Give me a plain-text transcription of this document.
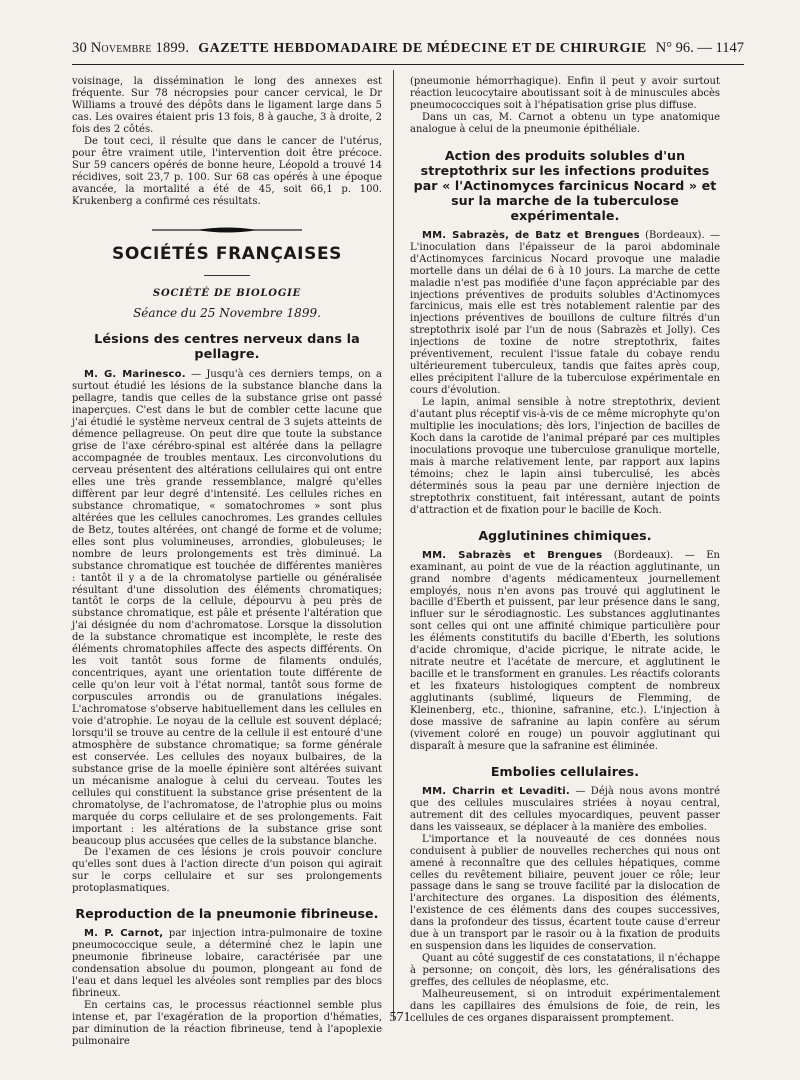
30 Novembre 1899. GAZETTE HEBDOMADAIRE DE MÉDECINE ET DE CHIRURGIE N° 96. — 1147

voisinage, la dissémination le long des annexes est fréquente. Sur 78 nécropsies pour cancer cervical, le Dr Williams a trouvé des dépôts dans le ligament large dans 5 cas. Les ovaires étaient pris 13 fois, 8 à gauche, 3 à droite, 2 fois des 2 côtés.

De tout ceci, il résulte que dans le cancer de l'utérus, pour être vraiment utile, l'intervention doit être précoce. Sur 59 cancers opérés de bonne heure, Léopold a trouvé 14 récidives, soit 23,7 p. 100. Sur 68 cas opérés à une époque avancée, la mortalité a été de 45, soit 66,1 p. 100. Krukenberg a confirmé ces résultats.

SOCIÉTÉS FRANÇAISES
SOCIÉTÉ DE BIOLOGIE
Séance du 25 Novembre 1899.
Lésions des centres nerveux dans la pellagre.

M. G. Marinesco. — Jusqu'à ces derniers temps, on a surtout étudié les lésions de la substance blanche dans la pellagre, tandis que celles de la substance grise ont passé inaperçues. C'est dans le but de combler cette lacune que j'ai étudié le système nerveux central de 3 sujets atteints de démence pellagreuse. On peut dire que toute la substance grise de l'axe cérébro-spinal est altérée dans la pellagre accompagnée de troubles mentaux. Les circonvolutions du cerveau présentent des altérations cellulaires qui ont entre elles une très grande ressemblance, malgré qu'elles diffèrent par leur degré d'intensité. Les cellules riches en substance chromatique, « somatochromes » sont plus altérées que les cellules canochromes. Les grandes cellules de Betz, toutes altérées, ont changé de forme et de volume; elles sont plus volumineuses, arrondies, globuleuses; le nombre de leurs prolongements est très diminué. La substance chromatique est touchée de différentes manières : tantôt il y a de la chromatolyse partielle ou généralisée résultant d'une dissolution des éléments chromatiques; tantôt le corps de la cellule, dépourvu à peu près de substance chromatique, est pâle et présente l'altération que j'ai désignée du nom d'achromatose. Lorsque la dissolution de la substance chromatique est incomplète, le reste des éléments chromatophiles affecte des aspects différents. On les voit tantôt sous forme de filaments ondulés, concentriques, ayant une orientation toute différente de celle qu'on leur voit à l'état normal, tantôt sous forme de corpuscules arrondis ou de granulations inégales. L'achromatose s'observe habituellement dans les cellules en voie d'atrophie. Le noyau de la cellule est souvent déplacé; lorsqu'il se trouve au centre de la cellule il est entouré d'une atmosphère de substance chromatique; sa forme générale est conservée. Les cellules des noyaux bulbaires, de la substance grise de la moelle épinière sont altérées suivant un mécanisme analogue à celui du cerveau. Toutes les cellules qui constituent la substance grise présentent de la chromatolyse, de l'achromatose, de l'atrophie plus ou moins marquée du corps cellulaire et de ses prolongements. Fait important : les altérations de la substance grise sont beaucoup plus accusées que celles de la substance blanche.

De l'examen de ces lésions je crois pouvoir conclure qu'elles sont dues à l'action directe d'un poison qui agirait sur le corps cellulaire et sur ses prolongements protoplasmatiques.

Reproduction de la pneumonie fibrineuse.

M. P. Carnot, par injection intra-pulmonaire de toxine pneumococcique seule, a déterminé chez le lapin une pneumonie fibrineuse lobaire, caractérisée par une condensation absolue du poumon, plongeant au fond de l'eau et dans lequel les alvéoles sont remplies par des blocs fibrineux.

En certains cas, le processus réactionnel semble plus intense et, par l'exagération de la proportion d'hématies, par diminution de la réaction fibrineuse, tend à l'apoplexie pulmonaire

(pneumonie hémorrhagique). Enfin il peut y avoir surtout réaction leucocytaire aboutissant soit à de minuscules abcès pneumococciques soit à l'hépatisation grise plus diffuse.

Dans un cas, M. Carnot a obtenu un type anatomique analogue à celui de la pneumonie épithéliale.

Action des produits solubles d'un streptothrix sur les infections produites par « l'Actinomyces farcinicus Nocard » et sur la marche de la tuberculose expérimentale.

MM. Sabrazès, de Batz et Brengues (Bordeaux). — L'inoculation dans l'épaisseur de la paroi abdominale d'Actinomyces farcinicus Nocard provoque une maladie mortelle dans un délai de 6 à 10 jours. La marche de cette maladie n'est pas modifiée d'une façon appréciable par des injections préventives de produits solubles d'Actinomyces farcinicus, mais elle est très notablement ralentie par des injections préventives de bouillons de culture filtrés d'un streptothrix isolé par l'un de nous (Sabrazès et Jolly). Ces injections de toxine de notre streptothrix, faites préventivement, reculent l'issue fatale du cobaye rendu ultérieurement tuberculeux, tandis que faites après coup, elles précipitent l'allure de la tuberculose expérimentale en cours d'évolution.

Le lapin, animal sensible à notre streptothrix, devient d'autant plus réceptif vis-à-vis de ce même microphyte qu'on multiplie les inoculations; dès lors, l'injection de bacilles de Koch dans la carotide de l'animal préparé par ces multiples inoculations provoque une tuberculose granulique mortelle, mais à marche relativement lente, par rapport aux lapins témoins; chez le lapin ainsi tuberculisé, les abcès déterminés sous la peau par une dernière injection de streptothrix constituent, fait intéressant, autant de points d'attraction et de fixation pour le bacille de Koch.

Agglutinines chimiques.

MM. Sabrazès et Brengues (Bordeaux). — En examinant, au point de vue de la réaction agglutinante, un grand nombre d'agents médicamenteux journellement employés, nous n'en avons pas trouvé qui agglutinent le bacille d'Eberth et puissent, par leur présence dans le sang, influer sur le sérodiagnostic. Les substances agglutinantes sont celles qui ont une affinité chimique particulière pour les éléments constitutifs du bacille d'Eberth, les solutions d'acide chromique, d'acide picrique, le nitrate acide, le nitrate neutre et l'acétate de mercure, et agglutinent le bacille et le transforment en granules. Les réactifs colorants et les fixateurs histologiques comptent de nombreux agglutinants (sublimé, liqueurs de Flemming, de Kleinenberg, etc., thionine, safranine, etc.). L'injection à dose massive de safranine au lapin confère au sérum (vivement coloré en rouge) un pouvoir agglutinant qui disparaît à mesure que la safranine est éliminée.

Embolies cellulaires.

MM. Charrin et Levaditi. — Déjà nous avons montré que des cellules musculaires striées à noyau central, autrement dit des cellules myocardiques, peuvent passer dans les vaisseaux, se déplacer à la manière des embolies.

L'importance et la nouveauté de ces données nous conduisent à publier de nouvelles recherches qui nous ont amené à reconnaître que des cellules hépatiques, comme celles du revêtement biliaire, peuvent jouer ce rôle; leur passage dans le sang se trouve facilité par la dislocation de l'architecture des organes. La disposition des éléments, l'existence de ces éléments dans des coupes successives, dans la profondeur des tissus, écartent toute cause d'erreur due à un transport par le rasoir ou à la fixation de produits en suspension dans les liquides de conservation.

Quant au côté suggestif de ces constatations, il n'échappe à personne; on conçoit, dès lors, les généralisations des greffes, des cellules de néoplasme, etc.

Malheureusement, si on introduit expérimentalement dans les capillaires des émulsions de foie, de rein, les cellules de ces organes disparaissent promptement.

571
